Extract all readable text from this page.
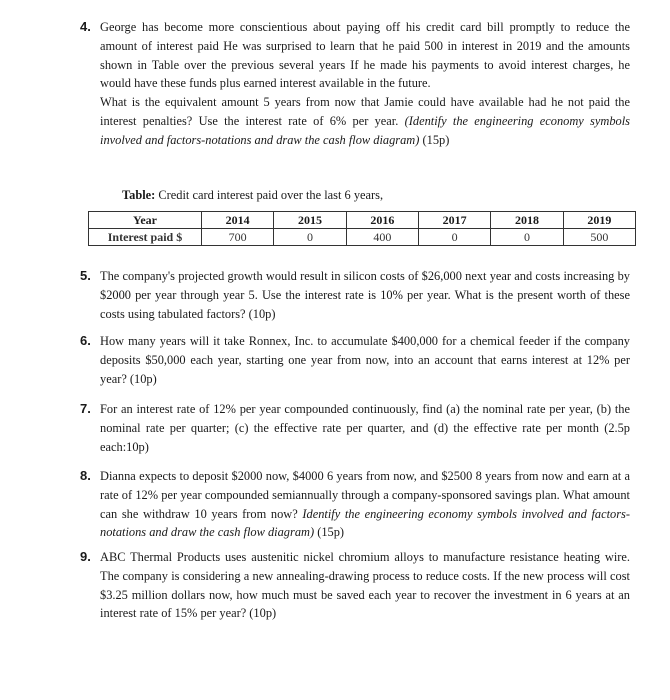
4. George has become more conscientious about paying off his credit card bill promptly to reduce the amount of interest paid He was surprised to learn that he paid 500 in interest in 2019 and the amounts shown in Table over the previous several years If he made his payments to avoid interest charges, he would have these funds plus earned interest available in the future.

What is the equivalent amount 5 years from now that Jamie could have available had he not paid the interest penalties? Use the interest rate of 6% per year. (Identify the engineering economy symbols involved and factors-notations and draw the cash flow diagram) (15p)

Table: Credit card interest paid over the last 6 years,
Year	2014	2015	2016	2017	2018	2019
Interest paid $	700	0	400	0	0	500
5. The company's projected growth would result in silicon costs of $26,000 next year and costs increasing by $2000 per year through year 5. Use the interest rate is 10% per year. What is the present worth of these costs using tabulated factors? (10p)

6. How many years will it take Ronnex, Inc. to accumulate $400,000 for a chemical feeder if the company deposits $50,000 each year, starting one year from now, into an account that earns interest at 12% per year? (10p)

7. For an interest rate of 12% per year compounded continuously, find (a) the nominal rate per year, (b) the nominal rate per quarter; (c) the effective rate per quarter, and (d) the effective rate per month (2.5p each:10p)

8. Dianna expects to deposit $2000 now, $4000 6 years from now, and $2500 8 years from now and earn at a rate of 12% per year compounded semiannually through a company-sponsored savings plan. What amount can she withdraw 10 years from now? Identify the engineering economy symbols involved and factors-notations and draw the cash flow diagram) (15p)

9. ABC Thermal Products uses austenitic nickel chromium alloys to manufacture resistance heating wire. The company is considering a new annealing-drawing process to reduce costs. If the new process will cost $3.25 million dollars now, how much must be saved each year to recover the investment in 6 years at an interest rate of 15% per year? (10p)
